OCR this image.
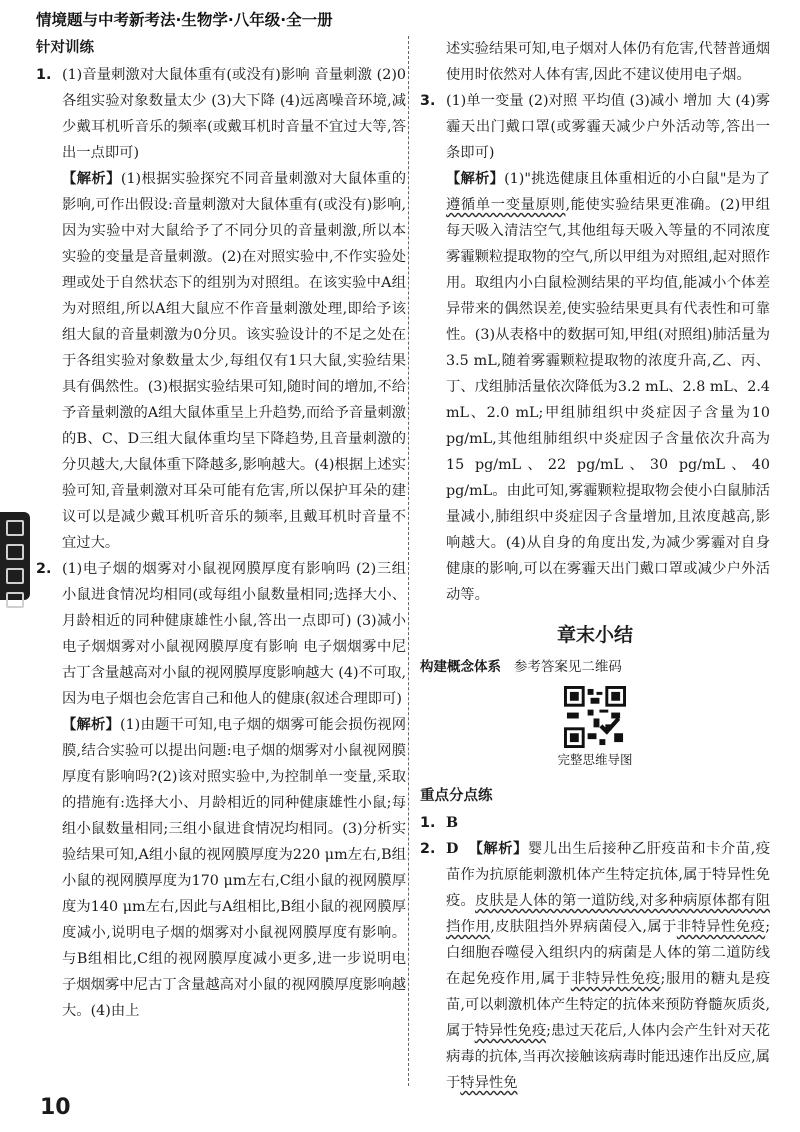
情境题与中考新考法·生物学·八年级·全一册
针对训练
1. (1)音量刺激对大鼠体重有(或没有)影响 音量刺激 (2)0 各组实验对象数量太少 (3)大下降 (4)远离噪音环境,减少戴耳机听音乐的频率(或戴耳机时音量不宜过大等,答出一点即可)

【解析】(1)根据实验探究不同音量刺激对大鼠体重的影响,可作出假设:音量刺激对大鼠体重有(或没有)影响,因为实验中对大鼠给予了不同分贝的音量刺激,所以本实验的变量是音量刺激。(2)在对照实验中,不作实验处理或处于自然状态下的组别为对照组。在该实验中A组为对照组,所以A组大鼠应不作音量刺激处理,即给予该组大鼠的音量刺激为0分贝。该实验设计的不足之处在于各组实验对象数量太少,每组仅有1只大鼠,实验结果具有偶然性。(3)根据实验结果可知,随时间的增加,不给予音量刺激的A组大鼠体重呈上升趋势,而给予音量刺激的B、C、D三组大鼠体重均呈下降趋势,且音量刺激的分贝越大,大鼠体重下降越多,影响越大。(4)根据上述实验可知,音量刺激对耳朵可能有危害,所以保护耳朵的建议可以是减少戴耳机听音乐的频率,且戴耳机时音量不宜过大。

2. (1)电子烟的烟雾对小鼠视网膜厚度有影响吗 (2)三组小鼠进食情况均相同(或每组小鼠数量相同;选择大小、月龄相近的同种健康雄性小鼠,答出一点即可) (3)减小 电子烟烟雾对小鼠视网膜厚度有影响 电子烟烟雾中尼古丁含量越高对小鼠的视网膜厚度影响越大 (4)不可取,因为电子烟也会危害自己和他人的健康(叙述合理即可)

【解析】(1)由题干可知,电子烟的烟雾可能会损伤视网膜,结合实验可以提出问题:电子烟的烟雾对小鼠视网膜厚度有影响吗?(2)该对照实验中,为控制单一变量,采取的措施有:选择大小、月龄相近的同种健康雄性小鼠;每组小鼠数量相同;三组小鼠进食情况均相同。(3)分析实验结果可知,A组小鼠的视网膜厚度为220 μm左右,B组小鼠的视网膜厚度为170 μm左右,C组小鼠的视网膜厚度为140 μm左右,因此与A组相比,B组小鼠的视网膜厚度减小,说明电子烟的烟雾对小鼠视网膜厚度有影响。与B组相比,C组的视网膜厚度减小更多,进一步说明电子烟烟雾中尼古丁含量越高对小鼠的视网膜厚度影响越大。(4)由上

述实验结果可知,电子烟对人体仍有危害,代替普通烟使用时依然对人体有害,因此不建议使用电子烟。

3. (1)单一变量 (2)对照 平均值 (3)减小 增加 大 (4)雾霾天出门戴口罩(或雾霾天减少户外活动等,答出一条即可)

【解析】(1)"挑选健康且体重相近的小白鼠"是为了遵循单一变量原则,能使实验结果更准确。(2)甲组每天吸入清洁空气,其他组每天吸入等量的不同浓度雾霾颗粒提取物的空气,所以甲组为对照组,起对照作用。取组内小白鼠检测结果的平均值,能减小个体差异带来的偶然误差,使实验结果更具有代表性和可靠性。(3)从表格中的数据可知,甲组(对照组)肺活量为3.5 mL,随着雾霾颗粒提取物的浓度升高,乙、丙、丁、戊组肺活量依次降低为3.2 mL、2.8 mL、2.4 mL、2.0 mL;甲组肺组织中炎症因子含量为10 pg/mL,其他组肺组织中炎症因子含量依次升高为15 pg/mL、22 pg/mL、30 pg/mL、40 pg/mL。由此可知,雾霾颗粒提取物会使小白鼠肺活量减小,肺组织中炎症因子含量增加,且浓度越高,影响越大。(4)从自身的角度出发,为减少雾霾对自身健康的影响,可以在雾霾天出门戴口罩或减少户外活动等。

章末小结
构建概念体系 参考答案见二维码
完整思维导图
重点分点练
1. B

2. D 【解析】婴儿出生后接种乙肝疫苗和卡介苗,疫苗作为抗原能刺激机体产生特定抗体,属于特异性免疫。皮肤是人体的第一道防线,对多种病原体都有阻挡作用,皮肤阻挡外界病菌侵入,属于非特异性免疫;白细胞吞噬侵入组织内的病菌是人体的第二道防线在起免疫作用,属于非特异性免疫;服用的糖丸是疫苗,可以刺激机体产生特定的抗体来预防脊髓灰质炎,属于特异性免疫;患过天花后,人体内会产生针对天花病毒的抗体,当再次接触该病毒时能迅速作出反应,属于特异性免

10
